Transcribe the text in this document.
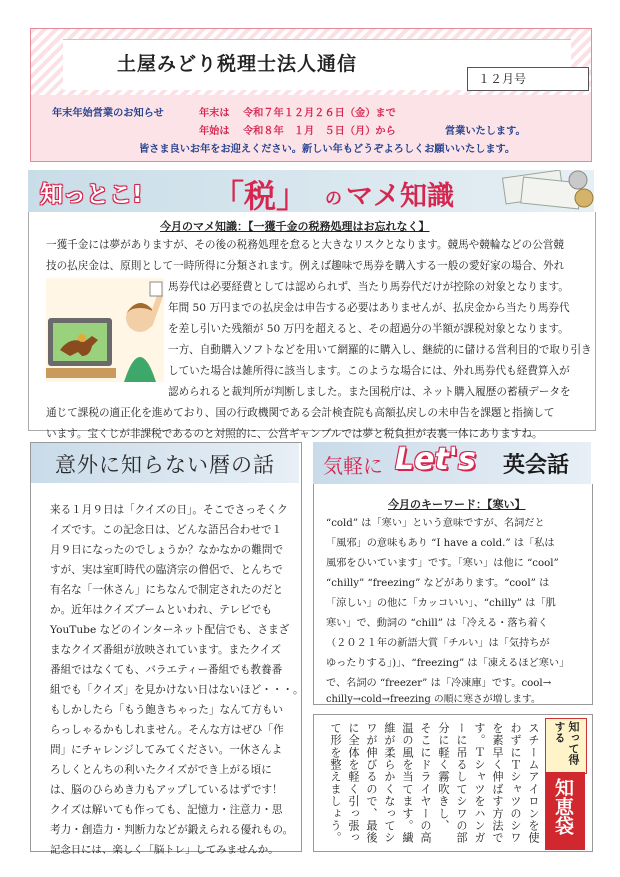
土屋みどり税理士法人通信
１２月号
年末年始営業のお知らせ	年末は 令和７年１２月２６日（金）まで
年始は 令和８年　１月　５日（月）から	営業いたします。
皆さま良いお年をお迎えください。新しい年もどうぞよろしくお願いいたします。
知っとこ! 「税」 の マメ知識
今月のマメ知識：【一獲千金の税務処理はお忘れなく】
一獲千金には夢がありますが、その後の税務処理を怠ると大きなリスクとなります。競馬や競輪などの公営競
技の払戻金は、原則として一時所得に分類されます。例えば趣味で馬券を購入する一般の愛好家の場合、外れ
馬券代は必要経費としては認められず、当たり馬券代だけが控除の対象となります。
年間 50 万円までの払戻金は申告する必要はありませんが、払戻金から当たり馬券代
を差し引いた残額が 50 万円を超えると、その超過分の半額が課税対象となります。
一方、自動購入ソフトなどを用いて網羅的に購入し、継続的に儲ける営利目的で取り引き
していた場合は雑所得に該当します。このような場合には、外れ馬券代も経費算入が
認められると裁判所が判断しました。また国税庁は、ネット購入履歴の蓄積データを
通じて課税の適正化を進めており、国の行政機関である会計検査院も高額払戻しの未申告を課題と指摘して
います。宝くじが非課税であるのと対照的に、公営ギャンブルでは夢と税負担が表裏一体にありますね。
意外に知らない暦の話
来る１月９日は「クイズの日」。そこでさっそくク
イズです。この記念日は、どんな語呂合わせで１
月９日になったのでしょうか？なかなかの難問で
すが、実は室町時代の臨済宗の僧侶で、とんちで
有名な「一休さん」にちなんで制定されたのだと
か。近年はクイズブームといわれ、テレビでも
YouTube などのインターネット配信でも、さまざ
まなクイズ番組が放映されています。またクイズ
番組ではなくても、バラエティー番組でも教養番
組でも「クイズ」を見かけない日はないほど・・・。
もしかしたら「もう飽きちゃった」なんて方もい
らっしゃるかもしれません。そんな方はぜひ「作
問」にチャレンジしてみてください。一休さんよ
ろしくとんちの利いたクイズができ上がる頃に
は、脳のひらめき力もアップしているはずです！
クイズは解いても作っても、記憶力・注意力・思
考力・創造力・判断力などが鍛えられる優れもの。
記念日には、楽しく「脳トレ」してみませんか。
気軽に Let's 英会話
今月のキーワード：【寒い】
“cold” は「寒い」という意味ですが、名詞だと
「風邪」の意味もあり “I have a cold.” は「私は
風邪をひいています」です。「寒い」は他に “cool”
“chilly” “freezing” などがあります。“cool” は
「涼しい」の他に「カッコいい」、“chilly” は「肌
寒い」で、動詞の “chill” は「冷える・落ち着く
（２０２１年の新語大賞「チルい」は「気持ちが
ゆったりする」)」、“freezing” は「凍えるほど寒い」
で、名詞の “freezer” は「冷凍庫」です。cool→
chilly→cold→freezing の順に寒さが増します。
知って得する
知恵袋
スチームアイロンを使
わずにＴシャツのシワ
を素早く伸ばす方法で
す。Ｔシャツをハンガ
ーに吊るしてシワの部
分に軽く霧吹きし、
そこにドライヤーの高
温の風を当てます。繊
維が柔らかくなってシ
ワが伸びるので、最後
に全体を軽く引っ張っ
て形を整えましょう。
